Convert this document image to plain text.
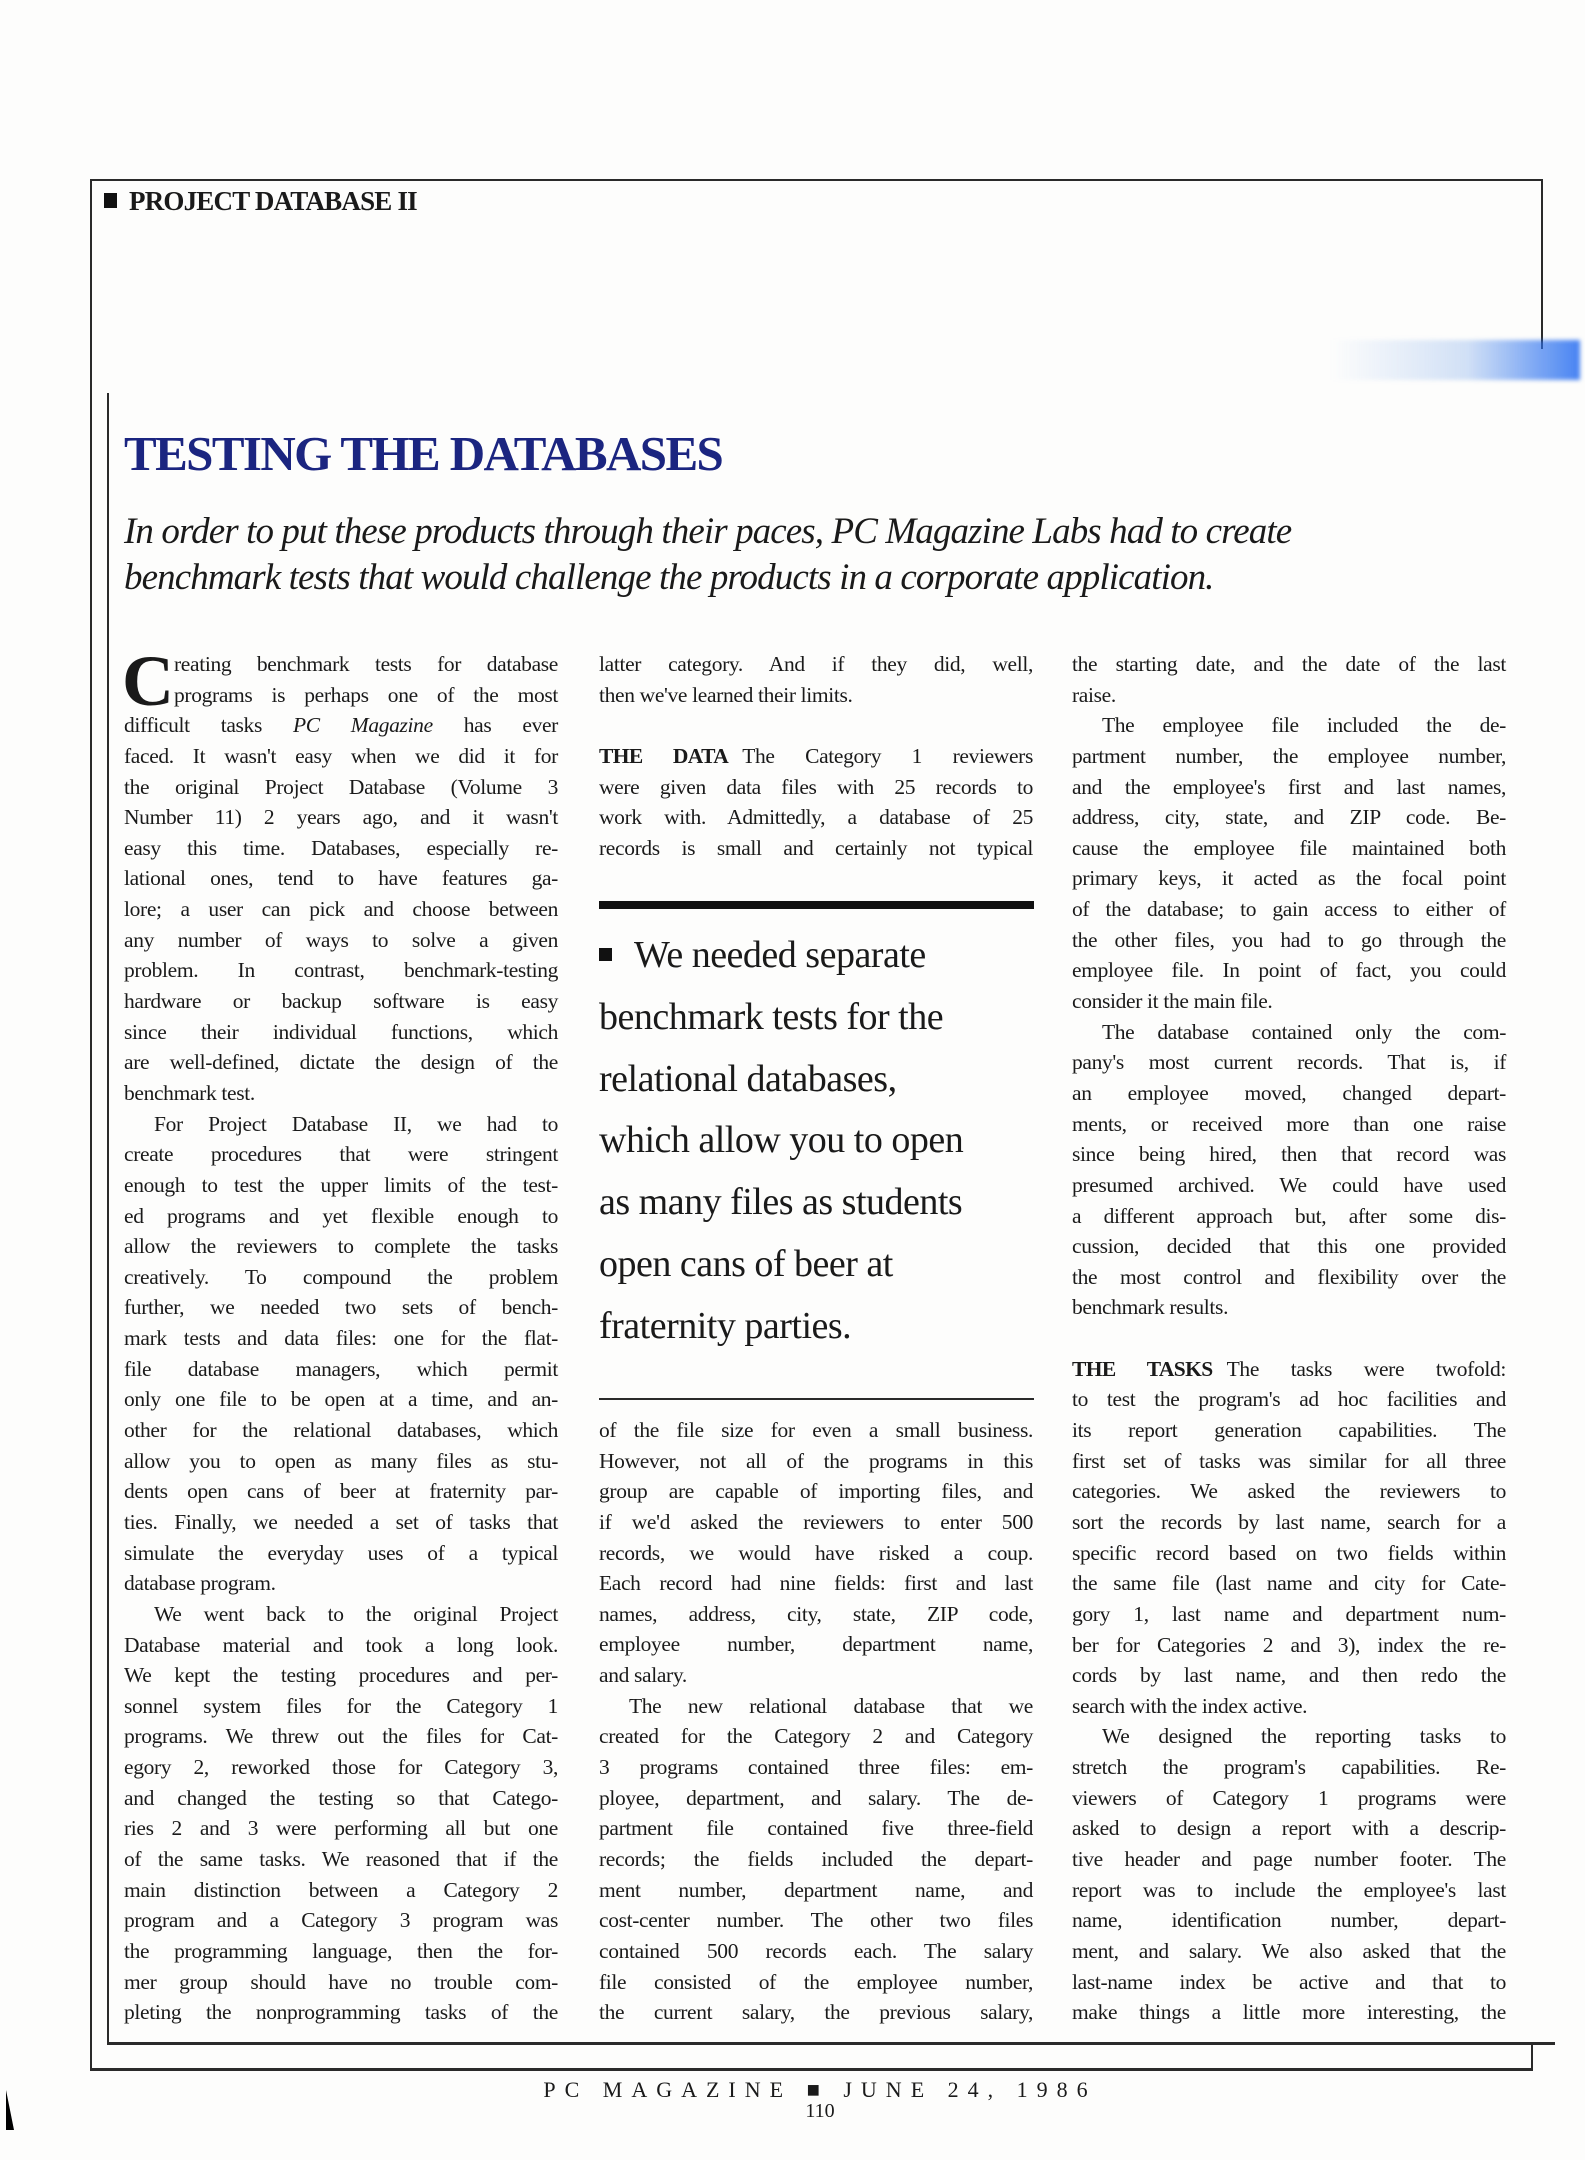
PROJECT DATABASE II
TESTING THE DATABASES
In order to put these products through their paces, PC Magazine Labs had to create
benchmark tests that would challenge the products in a corporate application.
C reating benchmark tests for database
programs is perhaps one of the most
difficult tasks PC Magazine has ever
faced. It wasn't easy when we did it for
the original Project Database (Volume 3
Number 11) 2 years ago, and it wasn't
easy this time. Databases, especially re-
lational ones, tend to have features ga-
lore; a user can pick and choose between
any number of ways to solve a given
problem. In contrast, benchmark-testing
hardware or backup software is easy
since their individual functions, which
are well-defined, dictate the design of the
benchmark test.
For Project Database II, we had to
create procedures that were stringent
enough to test the upper limits of the test-
ed programs and yet flexible enough to
allow the reviewers to complete the tasks
creatively. To compound the problem
further, we needed two sets of bench-
mark tests and data files: one for the flat-
file database managers, which permit
only one file to be open at a time, and an-
other for the relational databases, which
allow you to open as many files as stu-
dents open cans of beer at fraternity par-
ties. Finally, we needed a set of tasks that
simulate the everyday uses of a typical
database program.
We went back to the original Project
Database material and took a long look.
We kept the testing procedures and per-
sonnel system files for the Category 1
programs. We threw out the files for Cat-
egory 2, reworked those for Category 3,
and changed the testing so that Catego-
ries 2 and 3 were performing all but one
of the same tasks. We reasoned that if the
main distinction between a Category 2
program and a Category 3 program was
the programming language, then the for-
mer group should have no trouble com-
pleting the nonprogramming tasks of the
latter category. And if they did, well,
then we've learned their limits.
THE DATA The Category 1 reviewers
were given data files with 25 records to
work with. Admittedly, a database of 25
records is small and certainly not typical
We needed separate
benchmark tests for the
relational databases,
which allow you to open
as many files as students
open cans of beer at
fraternity parties.
of the file size for even a small business.
However, not all of the programs in this
group are capable of importing files, and
if we'd asked the reviewers to enter 500
records, we would have risked a coup.
Each record had nine fields: first and last
names, address, city, state, ZIP code,
employee number, department name,
and salary.
The new relational database that we
created for the Category 2 and Category
3 programs contained three files: em-
ployee, department, and salary. The de-
partment file contained five three-field
records; the fields included the depart-
ment number, department name, and
cost-center number. The other two files
contained 500 records each. The salary
file consisted of the employee number,
the current salary, the previous salary,
the starting date, and the date of the last
raise.
The employee file included the de-
partment number, the employee number,
and the employee's first and last names,
address, city, state, and ZIP code. Be-
cause the employee file maintained both
primary keys, it acted as the focal point
of the database; to gain access to either of
the other files, you had to go through the
employee file. In point of fact, you could
consider it the main file.
The database contained only the com-
pany's most current records. That is, if
an employee moved, changed depart-
ments, or received more than one raise
since being hired, then that record was
presumed archived. We could have used
a different approach but, after some dis-
cussion, decided that this one provided
the most control and flexibility over the
benchmark results.
THE TASKS The tasks were twofold:
to test the program's ad hoc facilities and
its report generation capabilities. The
first set of tasks was similar for all three
categories. We asked the reviewers to
sort the records by last name, search for a
specific record based on two fields within
the same file (last name and city for Cate-
gory 1, last name and department num-
ber for Categories 2 and 3), index the re-
cords by last name, and then redo the
search with the index active.
We designed the reporting tasks to
stretch the program's capabilities. Re-
viewers of Category 1 programs were
asked to design a report with a descrip-
tive header and page number footer. The
report was to include the employee's last
name, identification number, depart-
ment, and salary. We also asked that the
last-name index be active and that to
make things a little more interesting, the
PC MAGAZINE ■ JUNE 24, 1986
110
